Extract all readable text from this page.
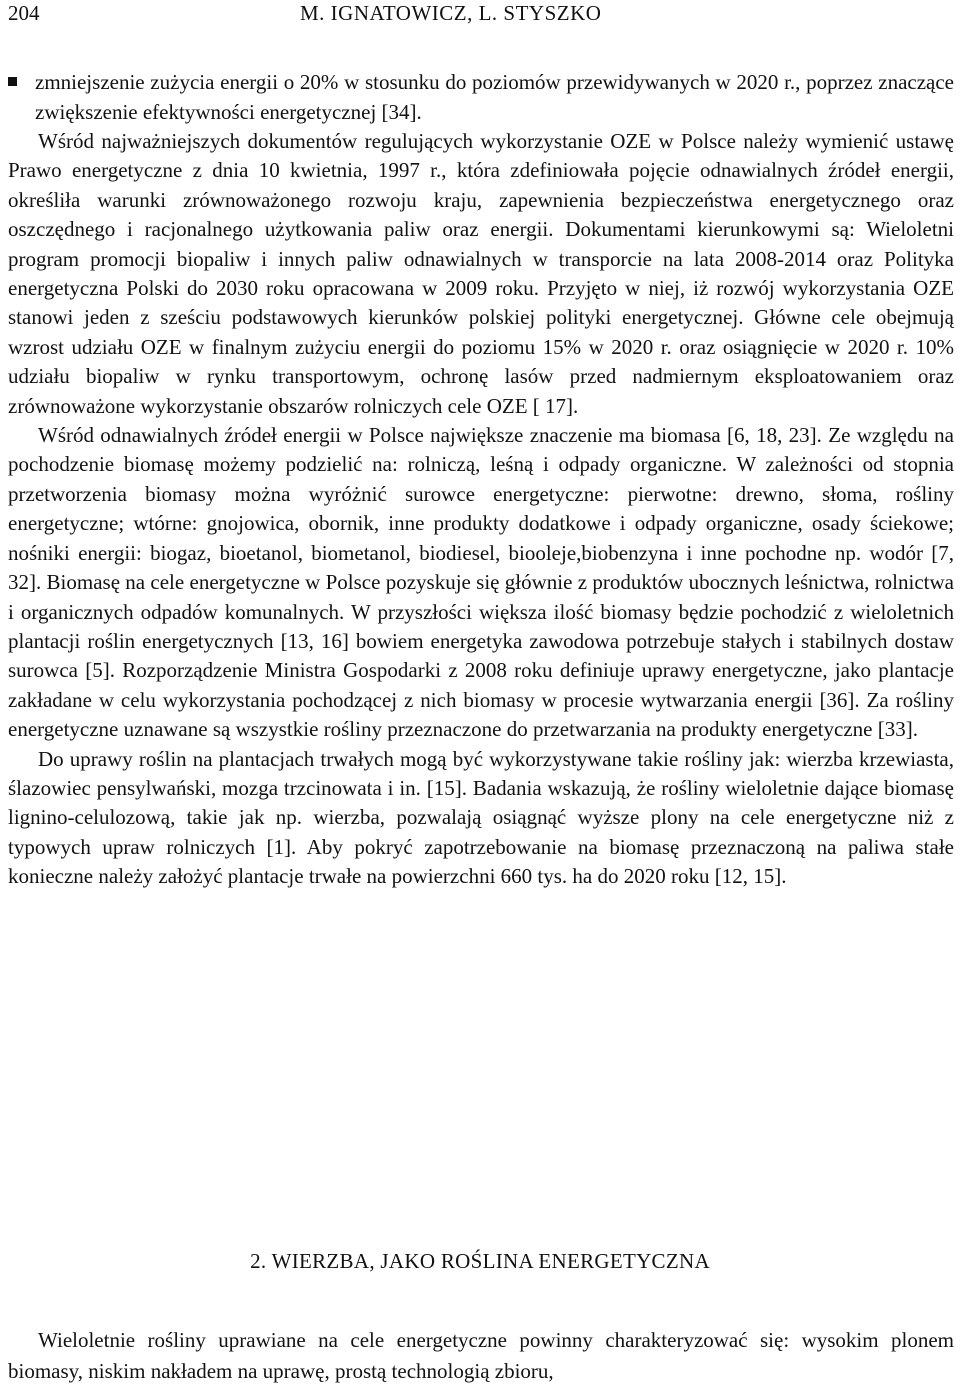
204	M. IGNATOWICZ, L. STYSZKO
zmniejszenie zużycia energii o 20% w stosunku do poziomów przewidywanych w 2020 r., poprzez znaczące zwiększenie efektywności energetycznej [34].

Wśród najważniejszych dokumentów regulujących wykorzystanie OZE w Polsce należy wymienić ustawę Prawo energetyczne z dnia 10 kwietnia, 1997 r., która zdefiniowała pojęcie odnawialnych źródeł energii, określiła warunki zrównoważonego rozwoju kraju, zapewnienia bezpieczeństwa energetycznego oraz oszczędnego i racjonalnego użytkowania paliw oraz energii. Dokumentami kierunkowymi są: Wieloletni program promocji biopaliw i innych paliw odnawialnych w transporcie na lata 2008-2014 oraz Polityka energetyczna Polski do 2030 roku opracowana w 2009 roku. Przyjęto w niej, iż rozwój wykorzystania OZE stanowi jeden z sześciu podstawowych kierunków polskiej polityki energetycznej. Główne cele obejmują wzrost udziału OZE w finalnym zużyciu energii do poziomu 15% w 2020 r. oraz osiągnięcie w 2020 r. 10% udziału biopaliw w rynku transportowym, ochronę lasów przed nadmiernym eksploatowaniem oraz zrównoważone wykorzystanie obszarów rolniczych cele OZE [ 17].

Wśród odnawialnych źródeł energii w Polsce największe znaczenie ma biomasa [6, 18, 23]. Ze względu na pochodzenie biomasę możemy podzielić na: rolniczą, leśną i odpady organiczne. W zależności od stopnia przetworzenia biomasy można wyróżnić surowce energetyczne: pierwotne: drewno, słoma, rośliny energetyczne; wtórne: gnojowica, obornik, inne produkty dodatkowe i odpady organiczne, osady ściekowe; nośniki energii: biogaz, bioetanol, biometanol, biodiesel, biooleje,biobenzyna i inne pochodne np. wodór [7, 32]. Biomasę na cele energetyczne w Polsce pozyskuje się głównie z produktów ubocznych leśnictwa, rolnictwa i organicznych odpadów komunalnych. W przyszłości większa ilość biomasy będzie pochodzić z wieloletnich plantacji roślin energetycznych [13, 16] bowiem energetyka zawodowa potrzebuje stałych i stabilnych dostaw surowca [5]. Rozporządzenie Ministra Gospodarki z 2008 roku definiuje uprawy energetyczne, jako plantacje zakładane w celu wykorzystania pochodzącej z nich biomasy w procesie wytwarzania energii [36]. Za rośliny energetyczne uznawane są wszystkie rośliny przeznaczone do przetwarzania na produkty energetyczne [33].

Do uprawy roślin na plantacjach trwałych mogą być wykorzystywane takie rośliny jak: wierzba krzewiasta, ślazowiec pensylwański, mozga trzcinowata i in. [15]. Badania wskazują, że rośliny wieloletnie dające biomasę lignino-celulozową, takie jak np. wierzba, pozwalają osiągnąć wyższe plony na cele energetyczne niż z typowych upraw rolniczych [1]. Aby pokryć zapotrzebowanie na biomasę przeznaczoną na paliwa stałe konieczne należy założyć plantacje trwałe na powierzchni 660 tys. ha do 2020 roku [12, 15].

2. WIERZBA, JAKO ROŚLINA ENERGETYCZNA

Wieloletnie rośliny uprawiane na cele energetyczne powinny charakteryzować się: wysokim plonem biomasy, niskim nakładem na uprawę, prostą technologią zbioru,
